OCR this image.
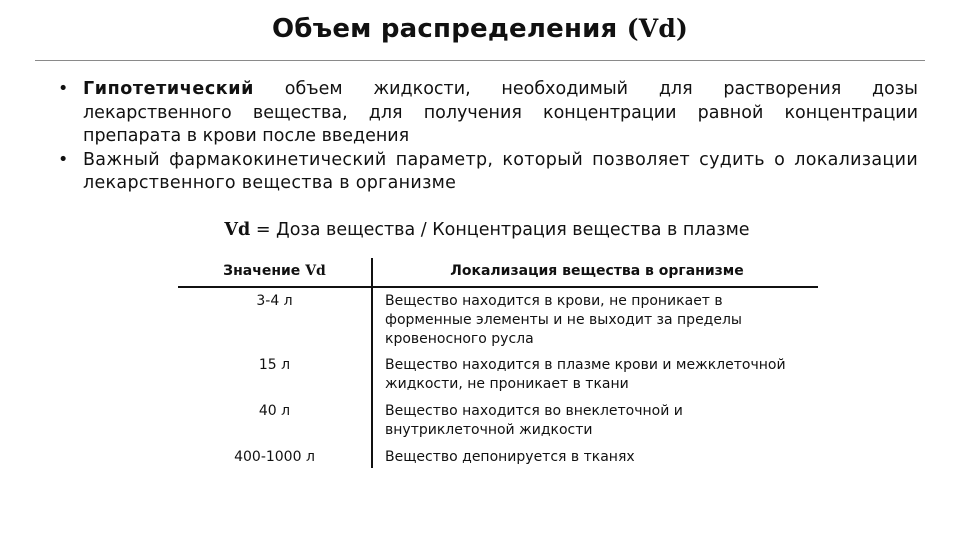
Объем распределения (Vd)
• Гипотетический объем жидкости, необходимый для растворения дозы лекарственного вещества, для получения концентрации равной концентрации препарата в крови после введения
• Важный фармакокинетический параметр, который позволяет судить о локализации лекарственного вещества в организме
Vd = Доза вещества / Концентрация вещества в плазме
Значение Vd	Локализация вещества в организме
3-4 л	Вещество находится в крови, не проникает в форменные элементы и не выходит за пределы кровеносного русла
15 л	Вещество находится в плазме крови и межклеточной жидкости, не проникает в ткани
40 л	Вещество находится во внеклеточной и внутриклеточной жидкости
400-1000 л	Вещество депонируется в тканях
